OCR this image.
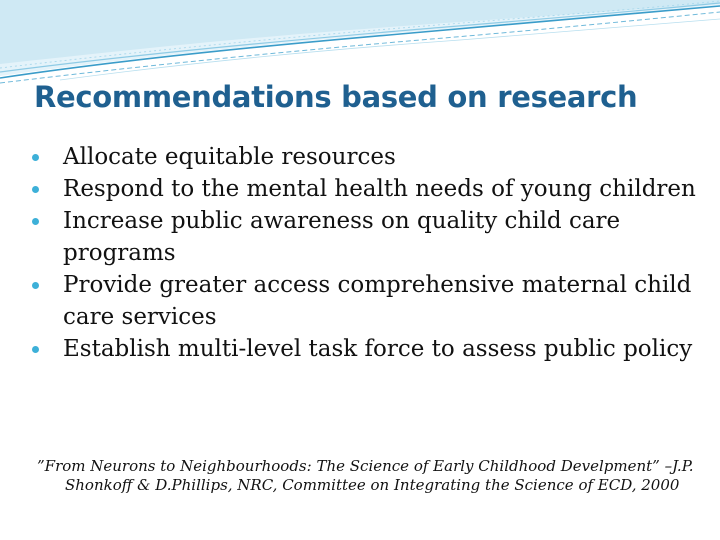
Recommendations based on research
Allocate equitable resources
Respond to the mental health needs of young children
Increase public awareness on quality child care programs
Provide greater access comprehensive maternal child care services
Establish multi-level task force to assess public policy

”From Neurons to Neighbourhoods: The Science of Early Childhood Develpment” –J.P. Shonkoff & D.Phillips, NRC, Committee on Integrating the Science of ECD, 2000
